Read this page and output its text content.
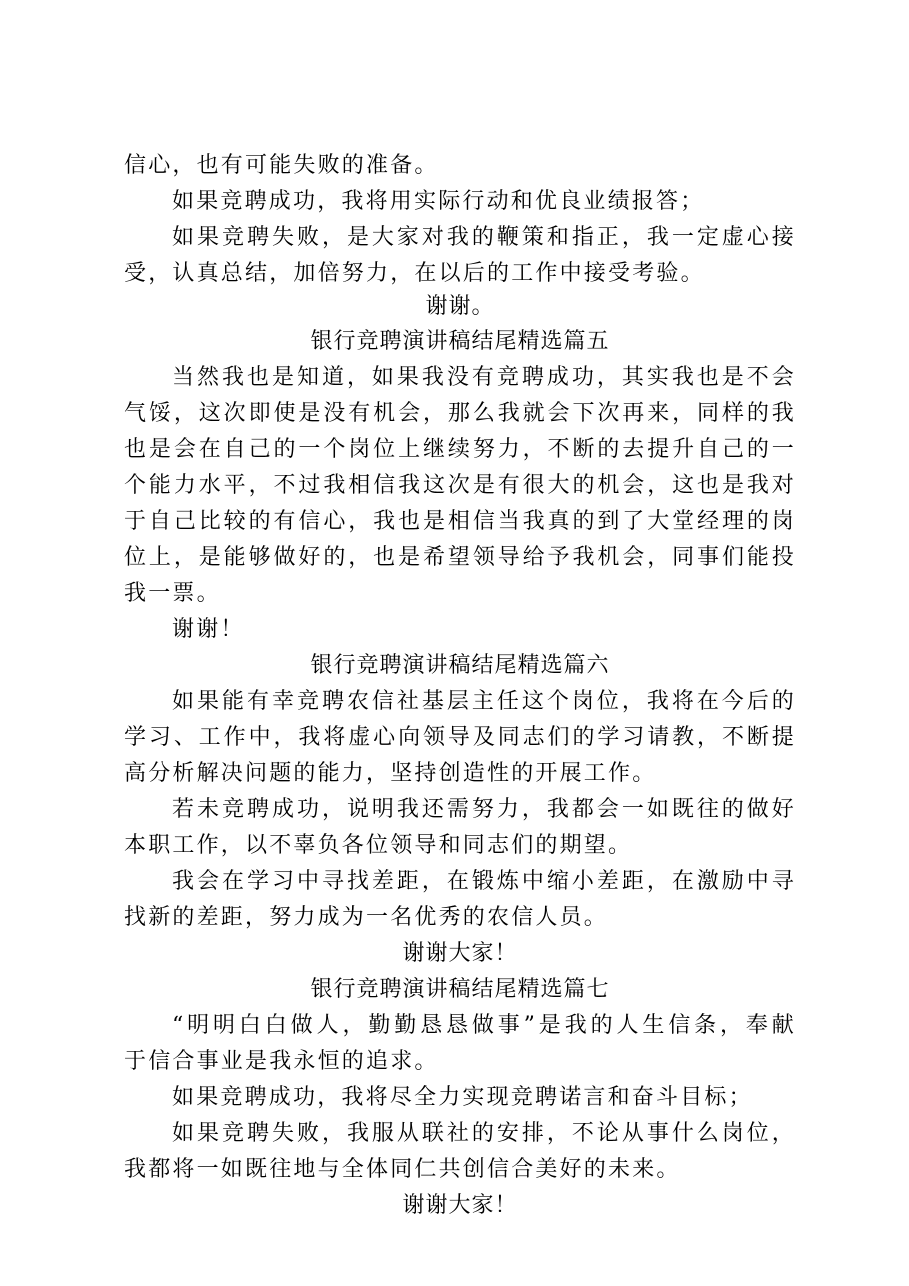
信心，也有可能失败的准备。
如果竞聘成功，我将用实际行动和优良业绩报答；
如果竞聘失败，是大家对我的鞭策和指正，我一定虚心接
受，认真总结，加倍努力，在以后的工作中接受考验。
谢谢。
银行竞聘演讲稿结尾精选篇五
当然我也是知道，如果我没有竞聘成功，其实我也是不会
气馁，这次即使是没有机会，那么我就会下次再来，同样的我
也是会在自己的一个岗位上继续努力，不断的去提升自己的一
个能力水平，不过我相信我这次是有很大的机会，这也是我对
于自己比较的有信心，我也是相信当我真的到了大堂经理的岗
位上，是能够做好的，也是希望领导给予我机会，同事们能投
我一票。
谢谢！
银行竞聘演讲稿结尾精选篇六
如果能有幸竞聘农信社基层主任这个岗位，我将在今后的
学习、工作中，我将虚心向领导及同志们的学习请教，不断提
高分析解决问题的能力，坚持创造性的开展工作。
若未竞聘成功，说明我还需努力，我都会一如既往的做好
本职工作，以不辜负各位领导和同志们的期望。
我会在学习中寻找差距，在锻炼中缩小差距，在激励中寻
找新的差距，努力成为一名优秀的农信人员。
谢谢大家！
银行竞聘演讲稿结尾精选篇七
“明明白白做人，勤勤恳恳做事”是我的人生信条，奉献
于信合事业是我永恒的追求。
如果竞聘成功，我将尽全力实现竞聘诺言和奋斗目标；
如果竞聘失败，我服从联社的安排，不论从事什么岗位，
我都将一如既往地与全体同仁共创信合美好的未来。
谢谢大家！
